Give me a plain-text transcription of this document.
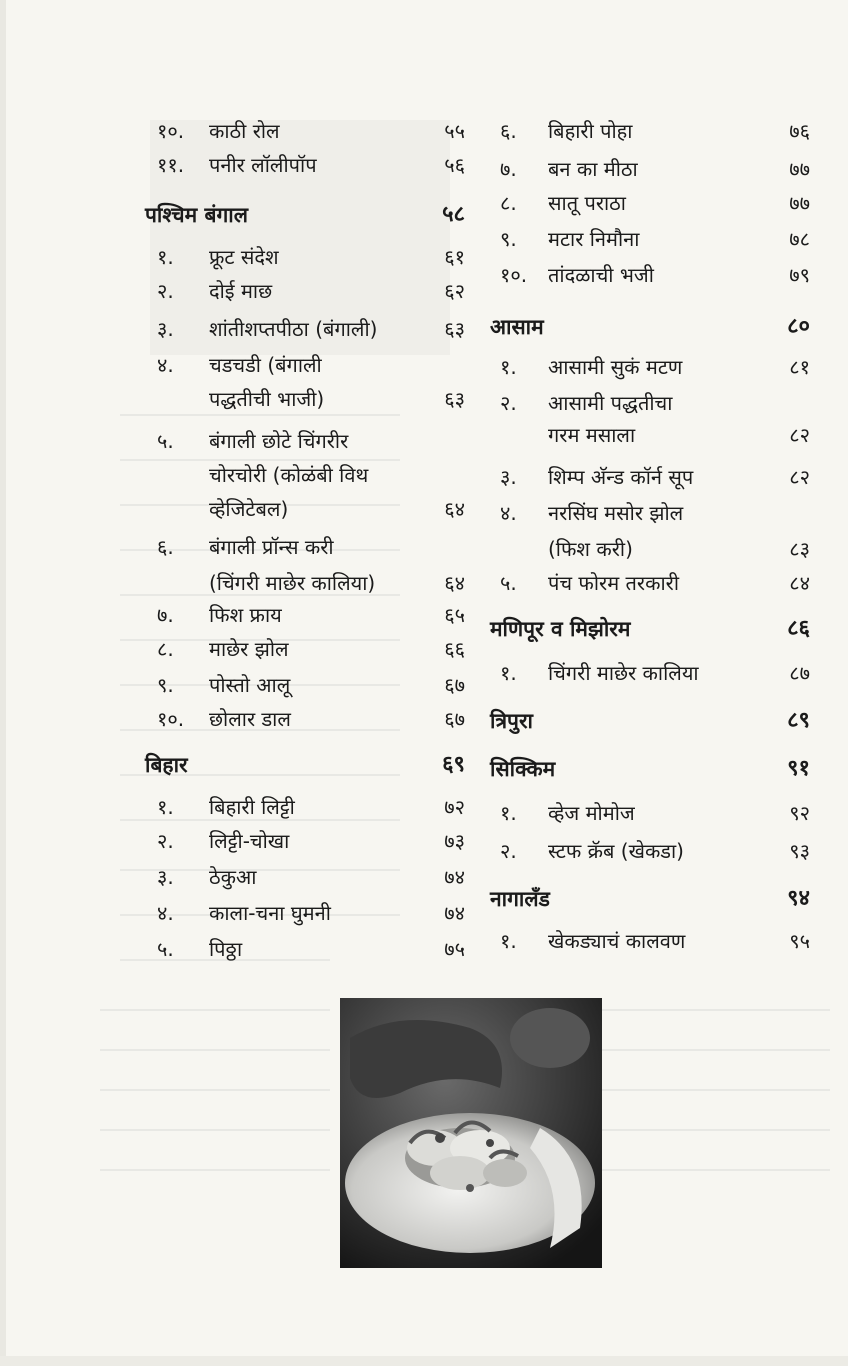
१०. काठी रोल	५५
११. पनीर लॉलीपॉप	५६
पश्चिम बंगाल	५८
१. फ्रूट संदेश	६१
२. दोई माछ	६२
३. शांतीशप्तपीठा (बंगाली)	६३
४. चडचडी (बंगाली
पद्धतीची भाजी)	६३
५. बंगाली छोटे चिंगरीर
चोरचोरी (कोळंबी विथ
व्हेजिटेबल)	६४
६. बंगाली प्रॉन्स करी
(चिंगरी माछेर कालिया)	६४
७. फिश फ्राय	६५
८. माछेर झोल	६६
९. पोस्तो आलू	६७
१०. छोलार डाल	६७
बिहार	६९
१. बिहारी लिट्टी	७२
२. लिट्टी-चोखा	७३
३. ठेकुआ	७४
४. काला-चना घुमनी	७४
५. पिठ्ठा	७५
६. बिहारी पोहा	७६
७. बन का मीठा	७७
८. सातू पराठा	७७
९. मटार निमौना	७८
१०. तांदळाची भजी	७९
आसाम	८०
१. आसामी सुकं मटण	८१
२. आसामी पद्धतीचा
गरम मसाला	८२
३. शिम्प अ‍ॅन्ड कॉर्न सूप	८२
४. नरसिंघ मसोर झोल
(फिश करी)	८३
५. पंच फोरम तरकारी	८४
मणिपूर व मिझोरम	८६
१. चिंगरी माछेर कालिया	८७
त्रिपुरा	८९
सिक्किम	९१
१. व्हेज मोमोज	९२
२. स्टफ क्रॅब (खेकडा)	९३
नागालँड	९४
१. खेकड्याचं कालवण	९५
